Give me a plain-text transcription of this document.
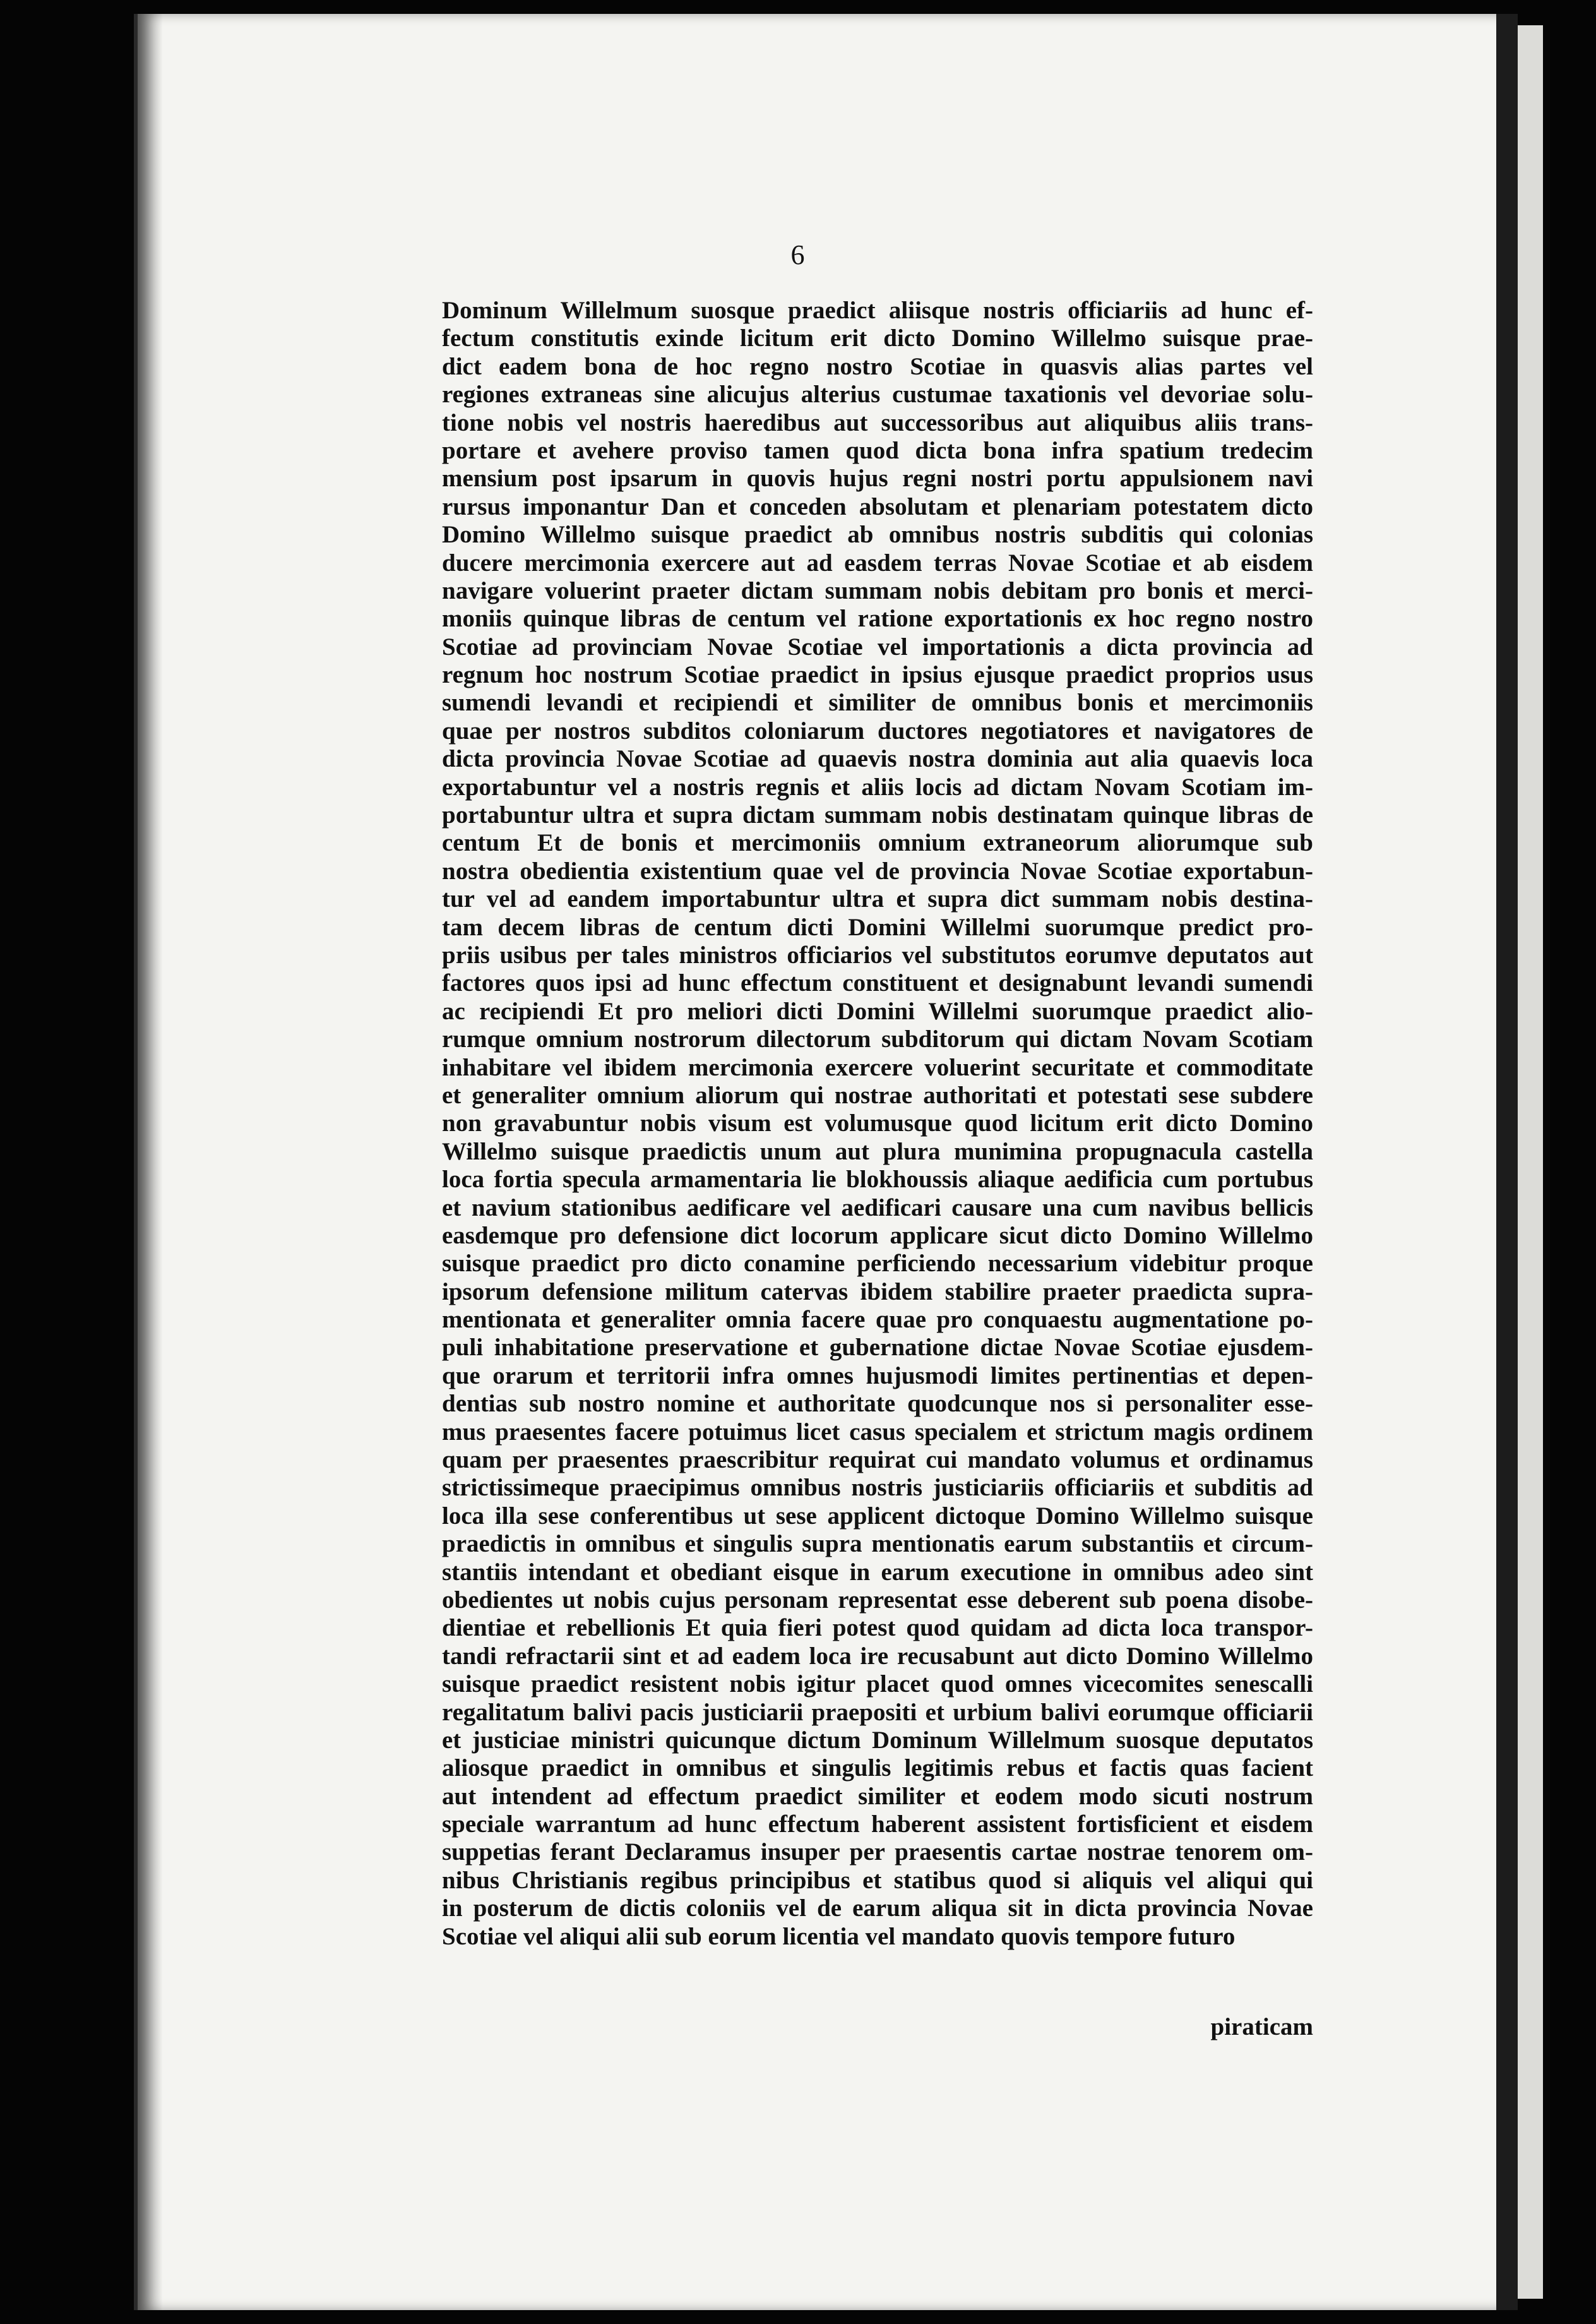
6
Dominum Willelmum suosque praedict aliisque nostris officiariis ad hunc ef-
fectum constitutis exinde licitum erit dicto Domino Willelmo suisque prae-
dict eadem bona de hoc regno nostro Scotiae in quasvis alias partes vel
regiones extraneas sine alicujus alterius custumae taxationis vel devoriae solu-
tione nobis vel nostris haeredibus aut successoribus aut aliquibus aliis trans-
portare et avehere proviso tamen quod dicta bona infra spatium tredecim
mensium post ipsarum in quovis hujus regni nostri portu appulsionem navi
rursus imponantur Dan et conceden absolutam et plenariam potestatem dicto
Domino Willelmo suisque praedict ab omnibus nostris subditis qui colonias
ducere mercimonia exercere aut ad easdem terras Novae Scotiae et ab eisdem
navigare voluerint praeter dictam summam nobis debitam pro bonis et merci-
moniis quinque libras de centum vel ratione exportationis ex hoc regno nostro
Scotiae ad provinciam Novae Scotiae vel importationis a dicta provincia ad
regnum hoc nostrum Scotiae praedict in ipsius ejusque praedict proprios usus
sumendi levandi et recipiendi et similiter de omnibus bonis et mercimoniis
quae per nostros subditos coloniarum ductores negotiatores et navigatores de
dicta provincia Novae Scotiae ad quaevis nostra dominia aut alia quaevis loca
exportabuntur vel a nostris regnis et aliis locis ad dictam Novam Scotiam im-
portabuntur ultra et supra dictam summam nobis destinatam quinque libras de
centum Et de bonis et mercimoniis omnium extraneorum aliorumque sub
nostra obedientia existentium quae vel de provincia Novae Scotiae exportabun-
tur vel ad eandem importabuntur ultra et supra dict summam nobis destina-
tam decem libras de centum dicti Domini Willelmi suorumque predict pro-
priis usibus per tales ministros officiarios vel substitutos eorumve deputatos aut
factores quos ipsi ad hunc effectum constituent et designabunt levandi sumendi
ac recipiendi Et pro meliori dicti Domini Willelmi suorumque praedict alio-
rumque omnium nostrorum dilectorum subditorum qui dictam Novam Scotiam
inhabitare vel ibidem mercimonia exercere voluerint securitate et commoditate
et generaliter omnium aliorum qui nostrae authoritati et potestati sese subdere
non gravabuntur nobis visum est volumusque quod licitum erit dicto Domino
Willelmo suisque praedictis unum aut plura munimina propugnacula castella
loca fortia specula armamentaria lie blokhoussis aliaque aedificia cum portubus
et navium stationibus aedificare vel aedificari causare una cum navibus bellicis
easdemque pro defensione dict locorum applicare sicut dicto Domino Willelmo
suisque praedict pro dicto conamine perficiendo necessarium videbitur proque
ipsorum defensione militum catervas ibidem stabilire praeter praedicta supra-
mentionata et generaliter omnia facere quae pro conquaestu augmentatione po-
puli inhabitatione preservatione et gubernatione dictae Novae Scotiae ejusdem-
que orarum et territorii infra omnes hujusmodi limites pertinentias et depen-
dentias sub nostro nomine et authoritate quodcunque nos si personaliter esse-
mus praesentes facere potuimus licet casus specialem et strictum magis ordinem
quam per praesentes praescribitur requirat cui mandato volumus et ordinamus
strictissimeque praecipimus omnibus nostris justiciariis officiariis et subditis ad
loca illa sese conferentibus ut sese applicent dictoque Domino Willelmo suisque
praedictis in omnibus et singulis supra mentionatis earum substantiis et circum-
stantiis intendant et obediant eisque in earum executione in omnibus adeo sint
obedientes ut nobis cujus personam representat esse deberent sub poena disobe-
dientiae et rebellionis Et quia fieri potest quod quidam ad dicta loca transpor-
tandi refractarii sint et ad eadem loca ire recusabunt aut dicto Domino Willelmo
suisque praedict resistent nobis igitur placet quod omnes vicecomites senescalli
regalitatum balivi pacis justiciarii praepositi et urbium balivi eorumque officiarii
et justiciae ministri quicunque dictum Dominum Willelmum suosque deputatos
aliosque praedict in omnibus et singulis legitimis rebus et factis quas facient
aut intendent ad effectum praedict similiter et eodem modo sicuti nostrum
speciale warrantum ad hunc effectum haberent assistent fortisficient et eisdem
suppetias ferant Declaramus insuper per praesentis cartae nostrae tenorem om-
nibus Christianis regibus principibus et statibus quod si aliquis vel aliqui qui
in posterum de dictis coloniis vel de earum aliqua sit in dicta provincia Novae
Scotiae vel aliqui alii sub eorum licentia vel mandato quovis tempore futuro
piraticam
